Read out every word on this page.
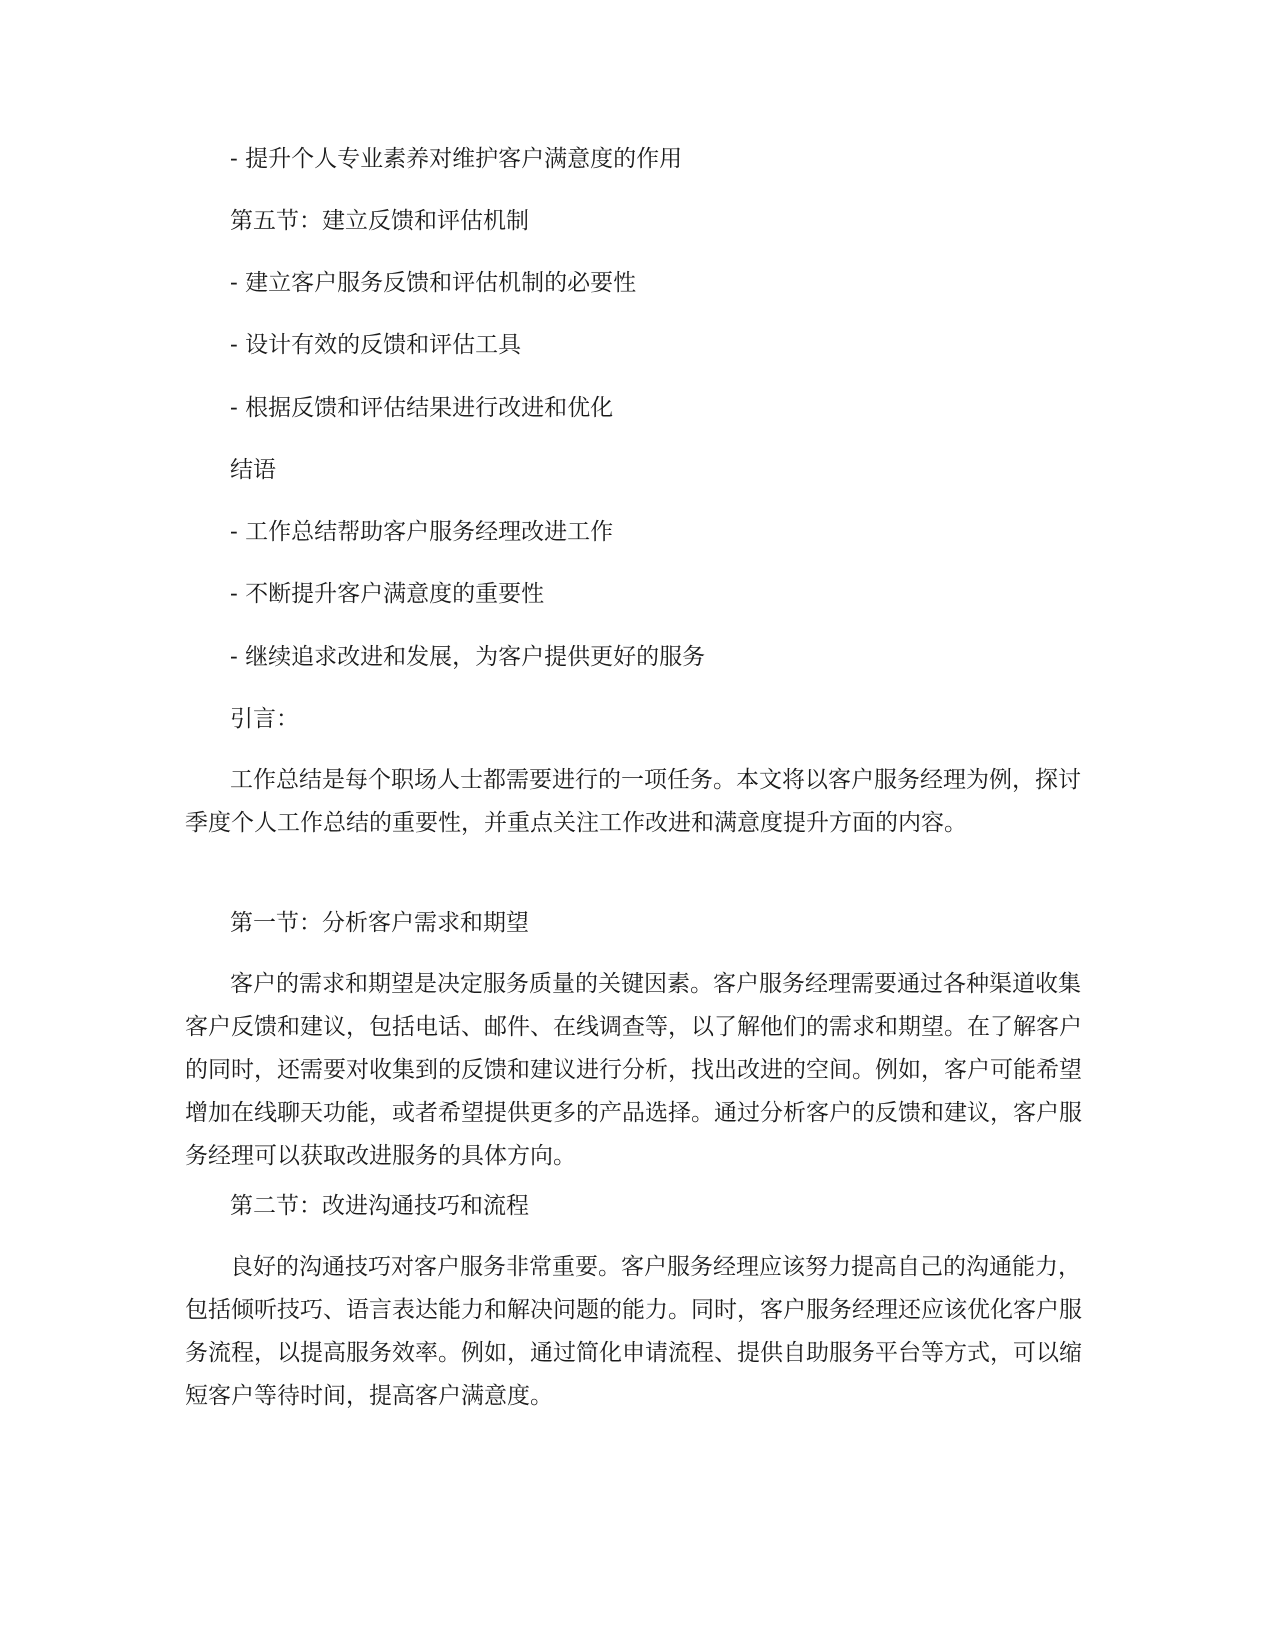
- 提升个人专业素养对维护客户满意度的作用

第五节：建立反馈和评估机制

- 建立客户服务反馈和评估机制的必要性

- 设计有效的反馈和评估工具

- 根据反馈和评估结果进行改进和优化

结语

- 工作总结帮助客户服务经理改进工作

- 不断提升客户满意度的重要性

- 继续追求改进和发展，为客户提供更好的服务

引言：

工作总结是每个职场人士都需要进行的一项任务。本文将以客户服务经理为例，探讨季度个人工作总结的重要性，并重点关注工作改进和满意度提升方面的内容。

第一节：分析客户需求和期望

客户的需求和期望是决定服务质量的关键因素。客户服务经理需要通过各种渠道收集客户反馈和建议，包括电话、邮件、在线调查等，以了解他们的需求和期望。在了解客户的同时，还需要对收集到的反馈和建议进行分析，找出改进的空间。例如，客户可能希望增加在线聊天功能，或者希望提供更多的产品选择。通过分析客户的反馈和建议，客户服务经理可以获取改进服务的具体方向。

第二节：改进沟通技巧和流程

良好的沟通技巧对客户服务非常重要。客户服务经理应该努力提高自己的沟通能力，包括倾听技巧、语言表达能力和解决问题的能力。同时，客户服务经理还应该优化客户服务流程，以提高服务效率。例如，通过简化申请流程、提供自助服务平台等方式，可以缩短客户等待时间，提高客户满意度。
